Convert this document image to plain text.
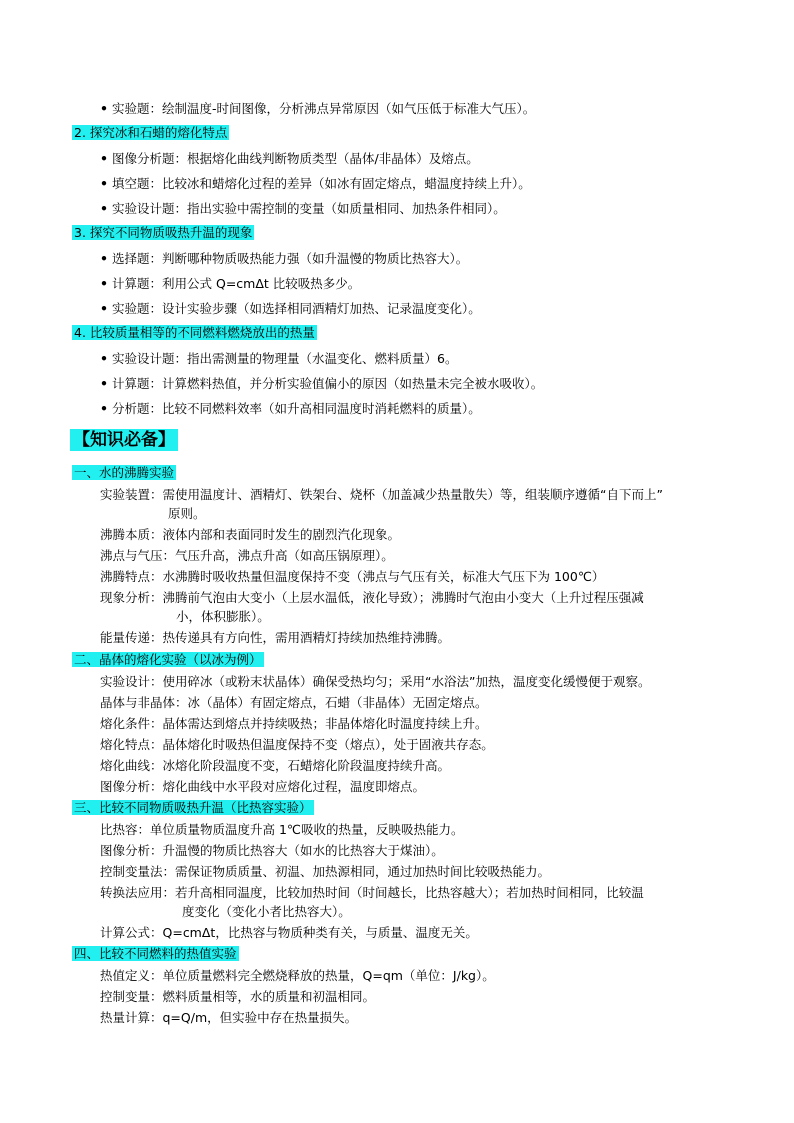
• 实验题：绘制温度-时间图像，分析沸点异常原因（如气压低于标准大气压）。
2. 探究冰和石蜡的熔化特点
• 图像分析题：根据熔化曲线判断物质类型（晶体/非晶体）及熔点。
• 填空题：比较冰和蜡熔化过程的差异（如冰有固定熔点，蜡温度持续上升）。
• 实验设计题：指出实验中需控制的变量（如质量相同、加热条件相同）。
3. 探究不同物质吸热升温的现象
• 选择题：判断哪种物质吸热能力强（如升温慢的物质比热容大）。
• 计算题：利用公式 Q=cmΔt 比较吸热多少。
• 实验题：设计实验步骤（如选择相同酒精灯加热、记录温度变化）。
4. 比较质量相等的不同燃料燃烧放出的热量
• 实验设计题：指出需测量的物理量（水温变化、燃料质量）6。
• 计算题：计算燃料热值，并分析实验值偏小的原因（如热量未完全被水吸收）。
• 分析题：比较不同燃料效率（如升高相同温度时消耗燃料的质量）。
【知识必备】
一、水的沸腾实验
实验装置：需使用温度计、酒精灯、铁架台、烧杯（加盖减少热量散失）等，组装顺序遵循“自下而上”
原则。
沸腾本质：液体内部和表面同时发生的剧烈汽化现象。
沸点与气压：气压升高，沸点升高（如高压锅原理）。
沸腾特点：水沸腾时吸收热量但温度保持不变（沸点与气压有关，标准大气压下为 100℃）
现象分析：沸腾前气泡由大变小（上层水温低，液化导致）；沸腾时气泡由小变大（上升过程压强减
小，体积膨胀）。
能量传递：热传递具有方向性，需用酒精灯持续加热维持沸腾。
二、晶体的熔化实验（以冰为例）
实验设计：使用碎冰（或粉末状晶体）确保受热均匀；采用“水浴法”加热，温度变化缓慢便于观察。
晶体与非晶体：冰（晶体）有固定熔点，石蜡（非晶体）无固定熔点。
熔化条件：晶体需达到熔点并持续吸热；非晶体熔化时温度持续上升。
熔化特点：晶体熔化时吸热但温度保持不变（熔点），处于固液共存态。
熔化曲线：冰熔化阶段温度不变，石蜡熔化阶段温度持续升高。
图像分析：熔化曲线中水平段对应熔化过程，温度即熔点。
三、比较不同物质吸热升温（比热容实验）
比热容：单位质量物质温度升高 1℃吸收的热量，反映吸热能力。
图像分析：升温慢的物质比热容大（如水的比热容大于煤油）。
控制变量法：需保证物质质量、初温、加热源相同，通过加热时间比较吸热能力。
转换法应用：若升高相同温度，比较加热时间（时间越长，比热容越大）；若加热时间相同，比较温
度变化（变化小者比热容大）。
计算公式：Q=cmΔt，比热容与物质种类有关，与质量、温度无关。
四、比较不同燃料的热值实验
热值定义：单位质量燃料完全燃烧释放的热量，Q=qm（单位：J/kg）。
控制变量：燃料质量相等，水的质量和初温相同。
热量计算：q=Q/m，但实验中存在热量损失。
